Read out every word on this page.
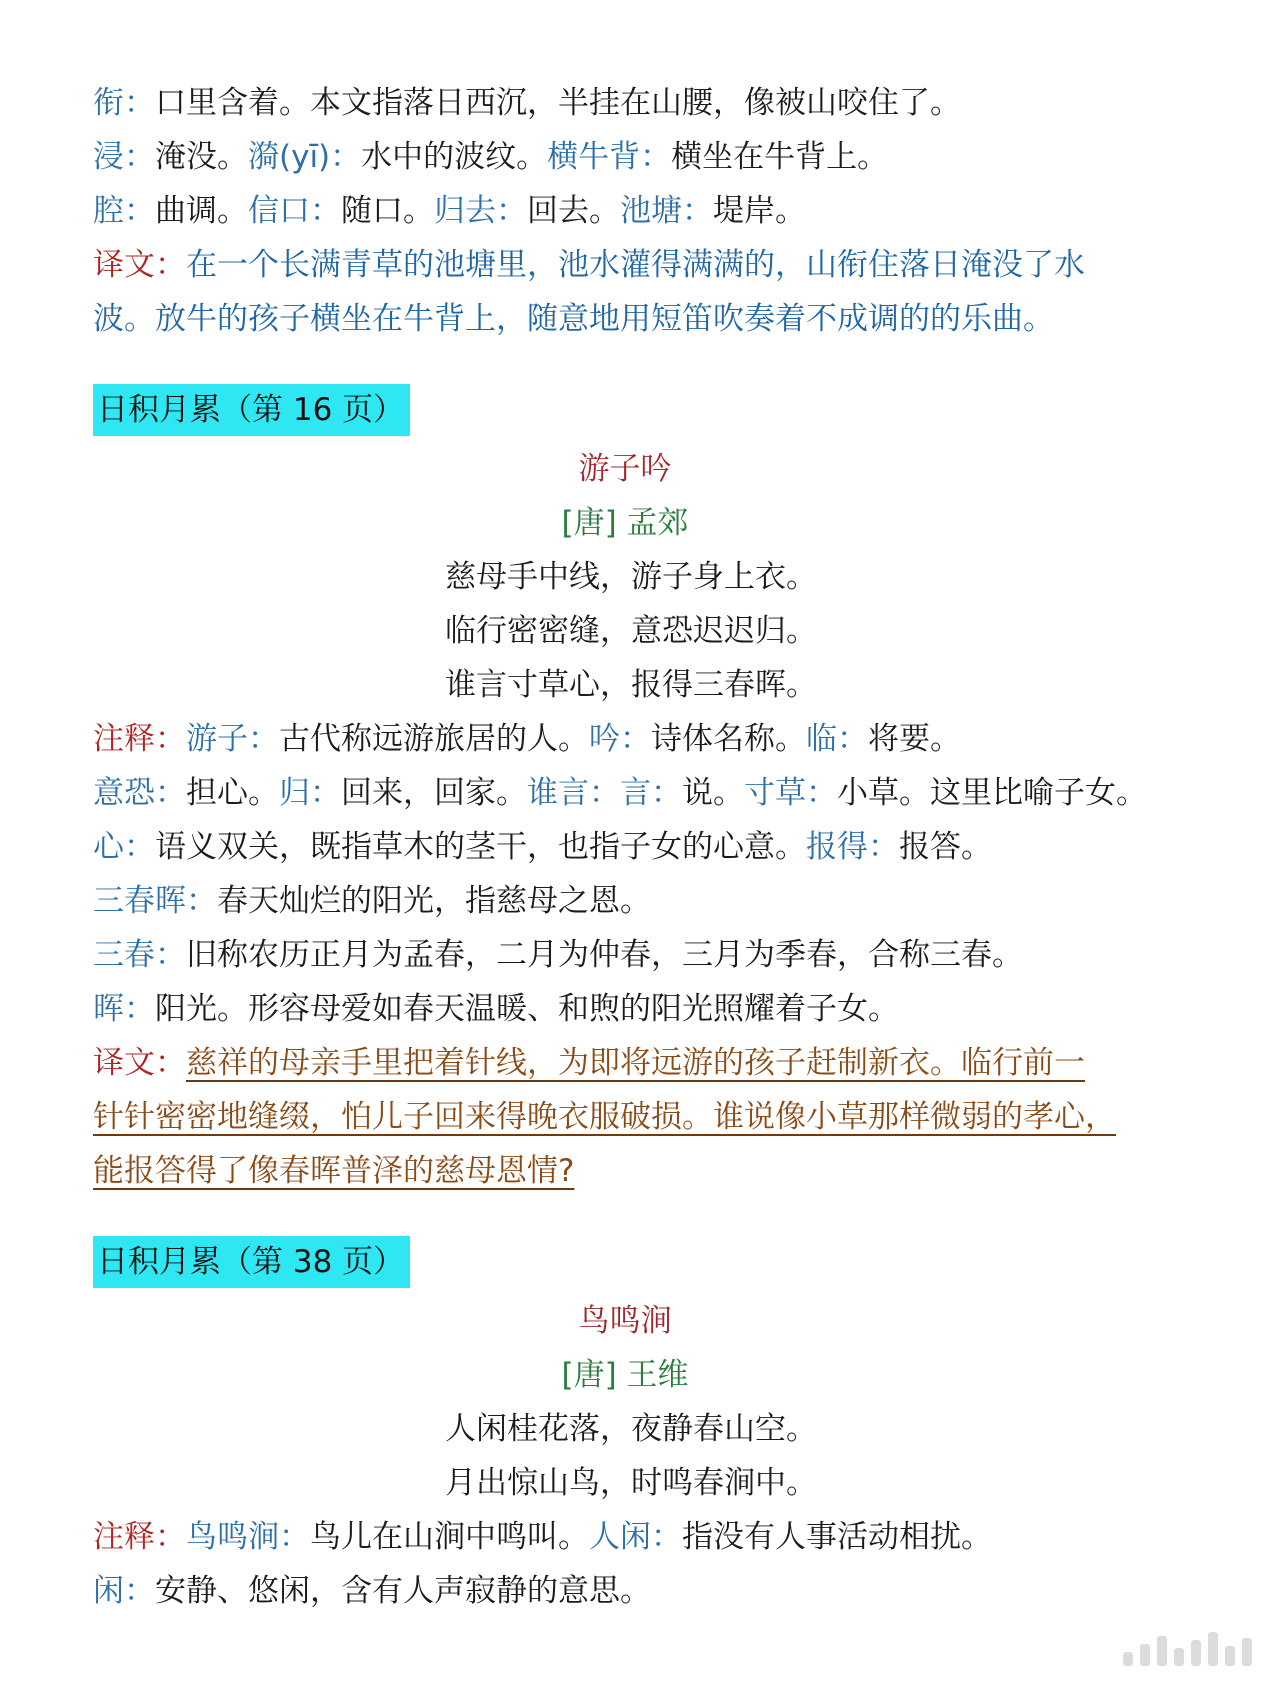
衔：口里含着。本文指落日西沉，半挂在山腰，像被山咬住了。
浸：淹没。漪(yī)：水中的波纹。横牛背：横坐在牛背上。
腔：曲调。信口：随口。归去：回去。池塘：堤岸。
译文：在一个长满青草的池塘里，池水灌得满满的，山衔住落日淹没了水
波。放牛的孩子横坐在牛背上，随意地用短笛吹奏着不成调的的乐曲。
日积月累（第 16 页）
游子吟
[唐] 孟郊
慈母手中线，游子身上衣。
临行密密缝，意恐迟迟归。
谁言寸草心，报得三春晖。
注释：游子：古代称远游旅居的人。吟：诗体名称。临：将要。
意恐：担心。归：回来，回家。谁言：言：说。寸草：小草。这里比喻子女。
心：语义双关，既指草木的茎干，也指子女的心意。报得：报答。
三春晖：春天灿烂的阳光，指慈母之恩。
三春：旧称农历正月为孟春，二月为仲春，三月为季春，合称三春。
晖：阳光。形容母爱如春天温暖、和煦的阳光照耀着子女。
译文：慈祥的母亲手里把着针线，为即将远游的孩子赶制新衣。临行前一
针针密密地缝缀，怕儿子回来得晚衣服破损。谁说像小草那样微弱的孝心，
能报答得了像春晖普泽的慈母恩情?
日积月累（第 38 页）
鸟鸣涧
[唐] 王维
人闲桂花落，夜静春山空。
月出惊山鸟，时鸣春涧中。
注释：鸟鸣涧：鸟儿在山涧中鸣叫。人闲：指没有人事活动相扰。
闲：安静、悠闲，含有人声寂静的意思。
